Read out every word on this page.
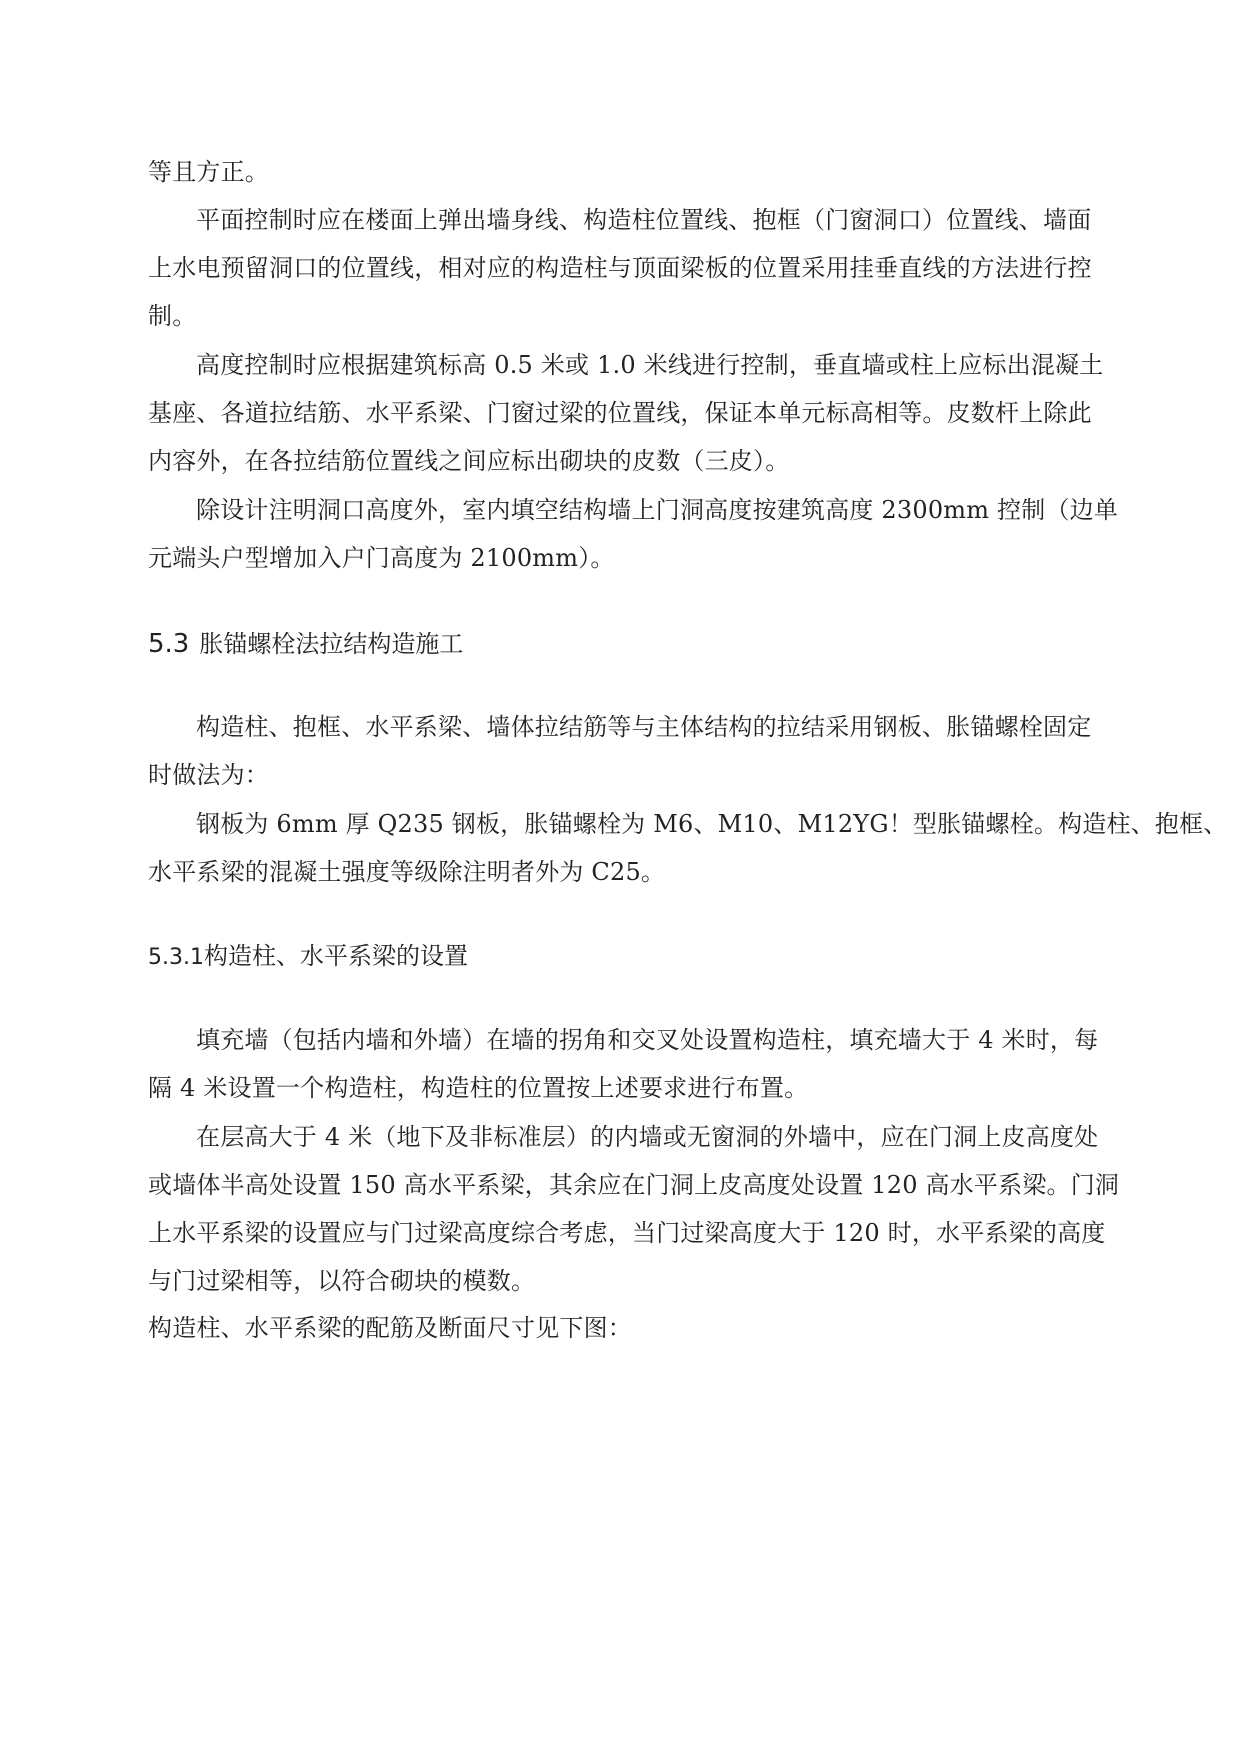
等且方正。
平面控制时应在楼面上弹出墙身线、构造柱位置线、抱框（门窗洞口）位置线、墙面
上水电预留洞口的位置线，相对应的构造柱与顶面梁板的位置采用挂垂直线的方法进行控
制。
高度控制时应根据建筑标高 0.5 米或 1.0 米线进行控制，垂直墙或柱上应标出混凝土
基座、各道拉结筋、水平系梁、门窗过梁的位置线，保证本单元标高相等。皮数杆上除此
内容外，在各拉结筋位置线之间应标出砌块的皮数（三皮）。
除设计注明洞口高度外，室内填空结构墙上门洞高度按建筑高度 2300mm 控制（边单
元端头户型增加入户门高度为 2100mm）。
5.3 胀锚螺栓法拉结构造施工
构造柱、抱框、水平系梁、墙体拉结筋等与主体结构的拉结采用钢板、胀锚螺栓固定
时做法为：
钢板为 6mm 厚 Q235 钢板，胀锚螺栓为 M6、M10、M12YG！型胀锚螺栓。构造柱、抱框、
水平系梁的混凝土强度等级除注明者外为 C25。
5.3.1构造柱、水平系梁的设置
填充墙（包括内墙和外墙）在墙的拐角和交叉处设置构造柱，填充墙大于 4 米时，每
隔 4 米设置一个构造柱，构造柱的位置按上述要求进行布置。
在层高大于 4 米（地下及非标准层）的内墙或无窗洞的外墙中，应在门洞上皮高度处
或墙体半高处设置 150 高水平系梁，其余应在门洞上皮高度处设置 120 高水平系梁。门洞
上水平系梁的设置应与门过梁高度综合考虑，当门过梁高度大于 120 时，水平系梁的高度
与门过梁相等，以符合砌块的模数。
构造柱、水平系梁的配筋及断面尺寸见下图：
